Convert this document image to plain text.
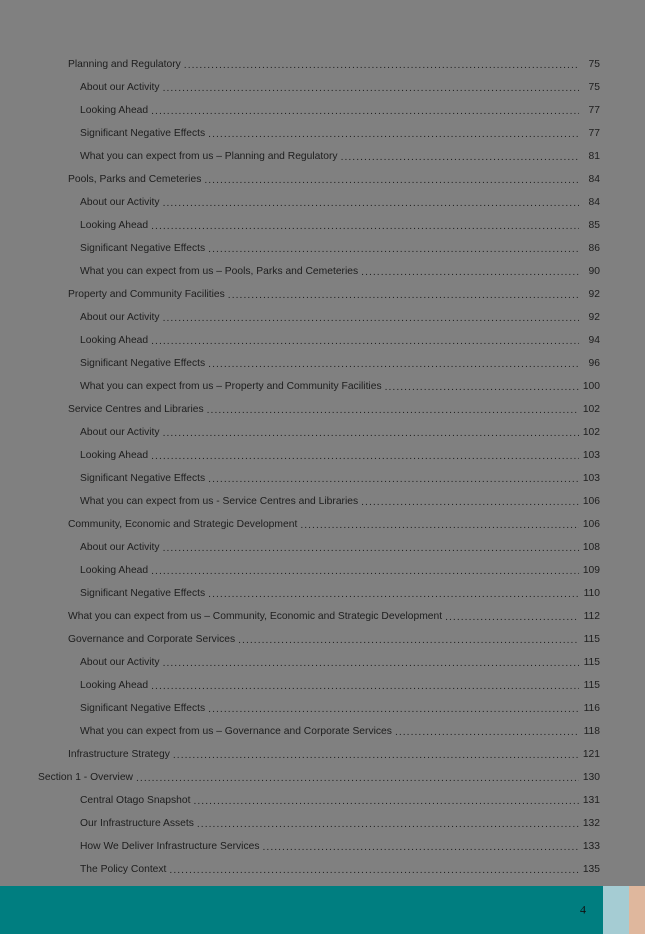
Planning and Regulatory .....	75
About our Activity .....	75
Looking Ahead .....	77
Significant Negative Effects .....	77
What you can expect from us – Planning and Regulatory .....	81
Pools, Parks and Cemeteries .....	84
About our Activity .....	84
Looking Ahead .....	85
Significant Negative Effects .....	86
What you can expect from us – Pools, Parks and Cemeteries .....	90
Property and Community Facilities .....	92
About our Activity .....	92
Looking Ahead .....	94
Significant Negative Effects .....	96
What you can expect from us – Property and Community Facilities .....	100
Service Centres and Libraries .....	102
About our Activity .....	102
Looking Ahead .....	103
Significant Negative Effects .....	103
What you can expect from us - Service Centres and Libraries .....	106
Community, Economic and Strategic Development .....	106
About our Activity .....	108
Looking Ahead .....	109
Significant Negative Effects .....	110
What you can expect from us – Community, Economic and Strategic Development .....	112
Governance and Corporate Services .....	115
About our Activity .....	115
Looking Ahead .....	115
Significant Negative Effects .....	116
What you can expect from us – Governance and Corporate Services .....	118
Infrastructure Strategy .....	121
Section 1 - Overview .....	130
Central Otago Snapshot .....	131
Our Infrastructure Assets .....	132
How We Deliver Infrastructure Services .....	133
The Policy Context .....	135
4
